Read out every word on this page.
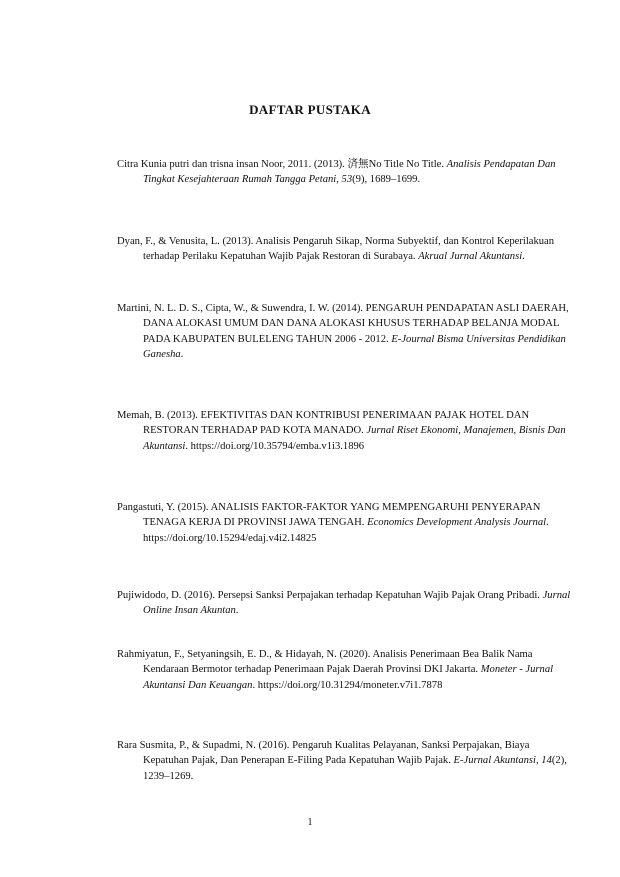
DAFTAR PUSTAKA
Citra Kunia putri dan trisna insan Noor, 2011. (2013). 済無No Title No Title. Analisis Pendapatan Dan Tingkat Kesejahteraan Rumah Tangga Petani, 53(9), 1689–1699.
Dyan, F., & Venusita, L. (2013). Analisis Pengaruh Sikap, Norma Subyektif, dan Kontrol Keperilakuan terhadap Perilaku Kepatuhan Wajib Pajak Restoran di Surabaya. Akrual Jurnal Akuntansi.
Martini, N. L. D. S., Cipta, W., & Suwendra, I. W. (2014). PENGARUH PENDAPATAN ASLI DAERAH, DANA ALOKASI UMUM DAN DANA ALOKASI KHUSUS TERHADAP BELANJA MODAL PADA KABUPATEN BULELENG TAHUN 2006 - 2012. E-Journal Bisma Universitas Pendidikan Ganesha.
Memah, B. (2013). EFEKTIVITAS DAN KONTRIBUSI PENERIMAAN PAJAK HOTEL DAN RESTORAN TERHADAP PAD KOTA MANADO. Jurnal Riset Ekonomi, Manajemen, Bisnis Dan Akuntansi. https://doi.org/10.35794/emba.v1i3.1896
Pangastuti, Y. (2015). ANALISIS FAKTOR-FAKTOR YANG MEMPENGARUHI PENYERAPAN TENAGA KERJA DI PROVINSI JAWA TENGAH. Economics Development Analysis Journal. https://doi.org/10.15294/edaj.v4i2.14825
Pujiwidodo, D. (2016). Persepsi Sanksi Perpajakan terhadap Kepatuhan Wajib Pajak Orang Pribadi. Jurnal Online Insan Akuntan.
Rahmiyatun, F., Setyaningsih, E. D., & Hidayah, N. (2020). Analisis Penerimaan Bea Balik Nama Kendaraan Bermotor terhadap Penerimaan Pajak Daerah Provinsi DKI Jakarta. Moneter - Jurnal Akuntansi Dan Keuangan. https://doi.org/10.31294/moneter.v7i1.7878
Rara Susmita, P., & Supadmi, N. (2016). Pengaruh Kualitas Pelayanan, Sanksi Perpajakan, Biaya Kepatuhan Pajak, Dan Penerapan E-Filing Pada Kepatuhan Wajib Pajak. E-Jurnal Akuntansi, 14(2), 1239–1269.
1
